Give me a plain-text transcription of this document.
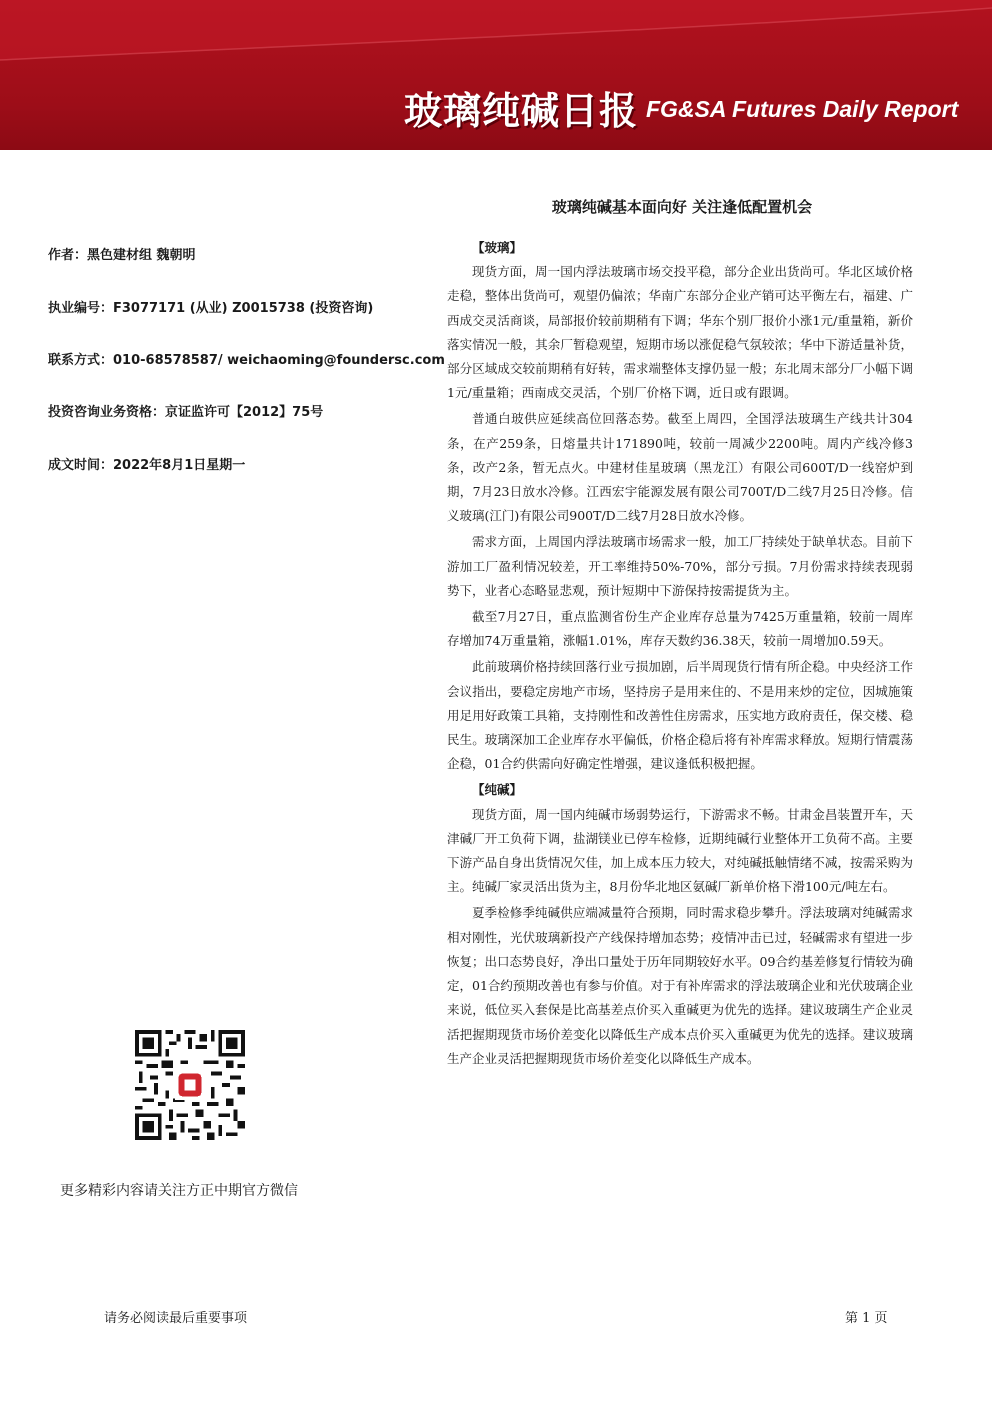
玻璃纯碱日报 FG&SA Futures Daily Report
玻璃纯碱基本面向好 关注逢低配置机会
作者：黑色建材组 魏朝明
执业编号：F3077171 (从业) Z0015738 (投资咨询)
联系方式：010-68578587/ weichaoming@foundersc.com
投资咨询业务资格：京证监许可【2012】75号
成文时间：2022年8月1日星期一
更多精彩内容请关注方正中期官方微信
【玻璃】

现货方面，周一国内浮法玻璃市场交投平稳，部分企业出货尚可。华北区域价格走稳，整体出货尚可，观望仍偏浓；华南广东部分企业产销可达平衡左右，福建、广西成交灵活商谈，局部报价较前期稍有下调；华东个别厂报价小涨1元/重量箱，新价落实情况一般，其余厂暂稳观望，短期市场以涨促稳气氛较浓；华中下游适量补货，部分区域成交较前期稍有好转，需求端整体支撑仍显一般；东北周末部分厂小幅下调1元/重量箱；西南成交灵活，个别厂价格下调，近日或有跟调。

普通白玻供应延续高位回落态势。截至上周四，全国浮法玻璃生产线共计304条，在产259条，日熔量共计171890吨，较前一周减少2200吨。周内产线冷修3条，改产2条，暂无点火。中建材佳星玻璃（黑龙江）有限公司600T/D一线窑炉到期，7月23日放水冷修。江西宏宇能源发展有限公司700T/D二线7月25日冷修。信义玻璃(江门)有限公司900T/D二线7月28日放水冷修。

需求方面，上周国内浮法玻璃市场需求一般，加工厂持续处于缺单状态。目前下游加工厂盈利情况较差，开工率维持50%-70%，部分亏损。7月份需求持续表现弱势下，业者心态略显悲观，预计短期中下游保持按需提货为主。

截至7月27日，重点监测省份生产企业库存总量为7425万重量箱，较前一周库存增加74万重量箱，涨幅1.01%，库存天数约36.38天，较前一周增加0.59天。

此前玻璃价格持续回落行业亏损加剧，后半周现货行情有所企稳。中央经济工作会议指出，要稳定房地产市场，坚持房子是用来住的、不是用来炒的定位，因城施策用足用好政策工具箱，支持刚性和改善性住房需求，压实地方政府责任，保交楼、稳民生。玻璃深加工企业库存水平偏低，价格企稳后将有补库需求释放。短期行情震荡企稳，01合约供需向好确定性增强，建议逢低积极把握。

【纯碱】

现货方面，周一国内纯碱市场弱势运行，下游需求不畅。甘肃金昌装置开车，天津碱厂开工负荷下调，盐湖镁业已停车检修，近期纯碱行业整体开工负荷不高。主要下游产品自身出货情况欠佳，加上成本压力较大，对纯碱抵触情绪不减，按需采购为主。纯碱厂家灵活出货为主，8月份华北地区氨碱厂新单价格下滑100元/吨左右。

夏季检修季纯碱供应端减量符合预期，同时需求稳步攀升。浮法玻璃对纯碱需求相对刚性，光伏玻璃新投产产线保持增加态势；疫情冲击已过，轻碱需求有望进一步恢复；出口态势良好，净出口量处于历年同期较好水平。09合约基差修复行情较为确定，01合约预期改善也有参与价值。对于有补库需求的浮法玻璃企业和光伏玻璃企业来说，低位买入套保是比高基差点价买入重碱更为优先的选择。建议玻璃生产企业灵活把握期现货市场价差变化以降低生产成本点价买入重碱更为优先的选择。建议玻璃生产企业灵活把握期现货市场价差变化以降低生产成本。

请务必阅读最后重要事项	第 1 页
